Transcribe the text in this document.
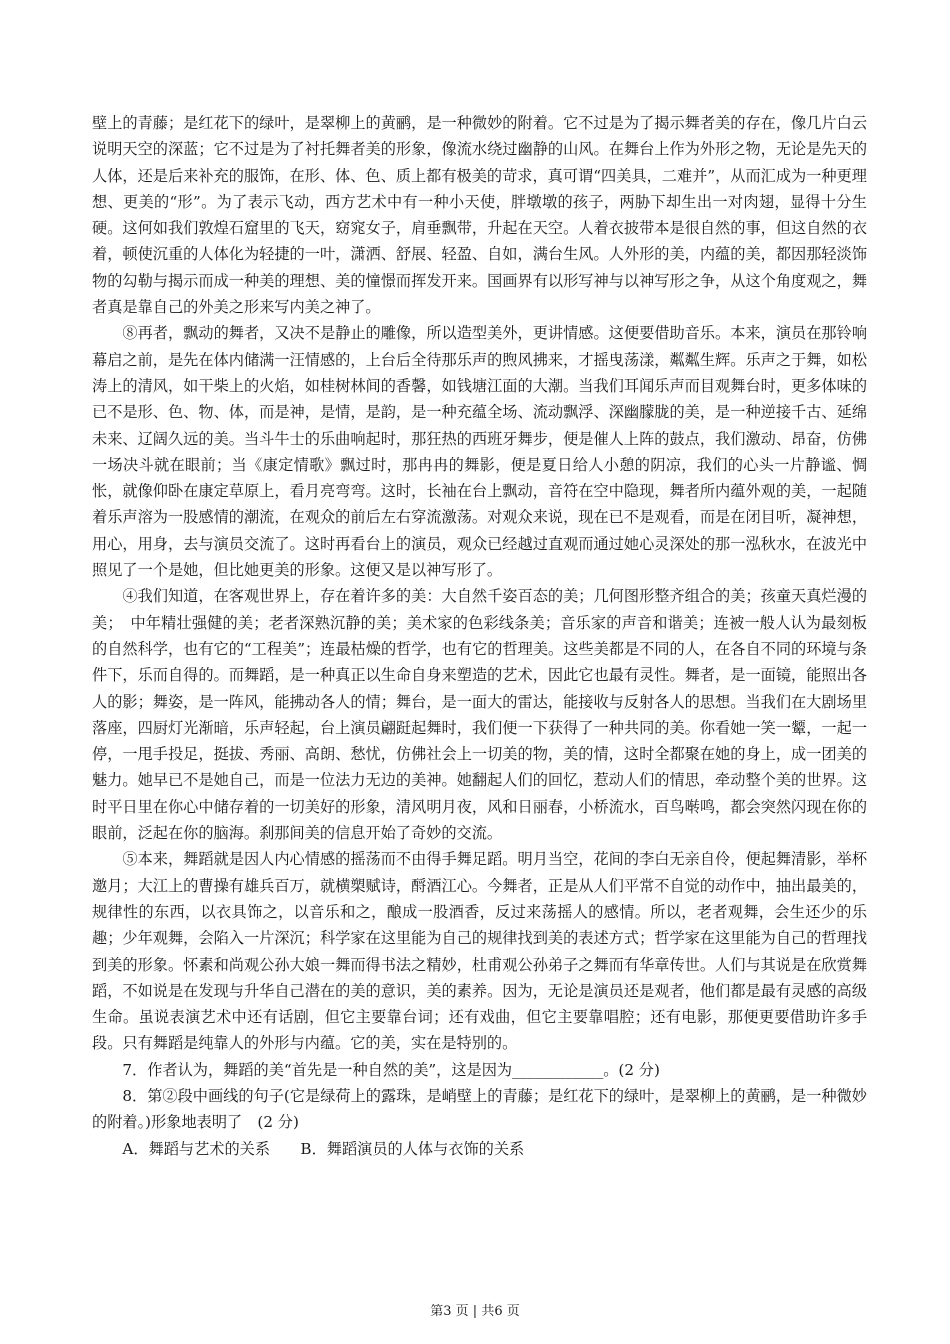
壁上的青藤；是红花下的绿叶，是翠柳上的黄鹂，是一种微妙的附着。它不过是为了揭示舞者美的存在，像几片白云说明天空的深蓝；它不过是为了衬托舞者美的形象，像流水绕过幽静的山风。在舞台上作为外形之物，无论是先天的人体，还是后来补充的服饰，在形、体、色、质上都有极美的苛求，真可谓“四美具，二难并”，从而汇成为一种更理想、更美的“形”。为了表示飞动，西方艺术中有一种小天使，胖墩墩的孩子，两胁下却生出一对肉翅，显得十分生硬。这何如我们敦煌石窟里的飞天，窈窕女子，肩垂飘带，升起在天空。人着衣披带本是很自然的事，但这自然的衣着，顿使沉重的人体化为轻捷的一叶，潇洒、舒展、轻盈、自如，满台生风。人外形的美，内蕴的美，都因那轻淡饰物的勾勒与揭示而成一种美的理想、美的憧憬而挥发开来。国画界有以形写神与以神写形之争，从这个角度观之，舞者真是靠自己的外美之形来写内美之神了。

⑧再者，飘动的舞者，又决不是静止的雕像，所以造型美外，更讲情感。这便要借助音乐。本来，演员在那铃响幕启之前，是先在体内储满一汪情感的，上台后全待那乐声的煦风拂来，才摇曳荡漾，粼粼生辉。乐声之于舞，如松涛上的清风，如干柴上的火焰，如桂树林间的香馨，如钱塘江面的大潮。当我们耳闻乐声而目观舞台时，更多体味的已不是形、色、物、体，而是神，是情，是韵，是一种充蕴全场、流动飘浮、深幽朦胧的美，是一种逆接千古、延绵未来、辽阔久远的美。当斗牛士的乐曲响起时，那狂热的西班牙舞步，便是催人上阵的鼓点，我们激动、昂奋，仿佛一场决斗就在眼前；当《康定情歌》飘过时，那冉冉的舞影，便是夏日给人小憩的阴凉，我们的心头一片静谧、惆怅，就像仰卧在康定草原上，看月亮弯弯。这时，长袖在台上飘动，音符在空中隐现，舞者所内蕴外观的美，一起随着乐声溶为一股感情的潮流，在观众的前后左右穿流激荡。对观众来说，现在已不是观看，而是在闭目听，凝神想，用心，用身，去与演员交流了。这时再看台上的演员，观众已经越过直观而通过她心灵深处的那一泓秋水，在波光中照见了一个是她，但比她更美的形象。这便又是以神写形了。

④我们知道，在客观世界上，存在着许多的美：大自然千姿百态的美；几何图形整齐组合的美；孩童天真烂漫的美；　中年精壮强健的美；老者深熟沉静的美；美术家的色彩线条美；音乐家的声音和谐美；连被一般人认为最刻板的自然科学，也有它的“工程美”；连最枯燥的哲学，也有它的哲理美。这些美都是不同的人，在各自不同的环境与条件下，乐而自得的。而舞蹈，是一种真正以生命自身来塑造的艺术，因此它也最有灵性。舞者，是一面镜，能照出各人的影；舞姿，是一阵风，能拂动各人的情；舞台，是一面大的雷达，能接收与反射各人的思想。当我们在大剧场里落座，四厨灯光渐暗，乐声轻起，台上演员翩跹起舞时，我们便一下获得了一种共同的美。你看她一笑一颦，一起一停，一甩手投足，挺拔、秀丽、高朗、愁忧，仿佛社会上一切美的物，美的情，这时全都聚在她的身上，成一团美的魅力。她早已不是她自己，而是一位法力无边的美神。她翻起人们的回忆，惹动人们的情思，牵动整个美的世界。这时平日里在你心中储存着的一切美好的形象，清风明月夜，风和日丽春，小桥流水，百鸟啭鸣，都会突然闪现在你的眼前，泛起在你的脑海。刹那间美的信息开始了奇妙的交流。

⑤本来，舞蹈就是因人内心情感的摇荡而不由得手舞足蹈。明月当空，花间的李白无亲自伶，便起舞清影，举杯邀月；大江上的曹操有雄兵百万，就横槊赋诗，酹酒江心。今舞者，正是从人们平常不自觉的动作中，抽出最美的，规律性的东西，以衣具饰之，以音乐和之，酿成一股酒香，反过来荡摇人的感情。所以，老者观舞，会生还少的乐趣；少年观舞，会陷入一片深沉；科学家在这里能为自己的规律找到美的表述方式；哲学家在这里能为自己的哲理找到美的形象。怀素和尚观公孙大娘一舞而得书法之精妙，杜甫观公孙弟子之舞而有华章传世。人们与其说是在欣赏舞蹈，不如说是在发现与升华自己潜在的美的意识，美的素养。因为，无论是演员还是观者，他们都是最有灵感的高级生命。虽说表演艺术中还有话剧，但它主要靠台词；还有戏曲，但它主要靠唱腔；还有电影，那便更要借助许多手段。只有舞蹈是纯靠人的外形与内蕴。它的美，实在是特别的。

7．作者认为，舞蹈的美“首先是一种自然的美”，这是因为____________。(2 分)

8．第②段中画线的句子(它是绿荷上的露珠，是峭壁上的青藤；是红花下的绿叶，是翠柳上的黄鹂，是一种微妙的附着。)形象地表明了　(2 分)

A．舞蹈与艺术的关系　　B．舞蹈演员的人体与衣饰的关系

第3 页 | 共6 页
